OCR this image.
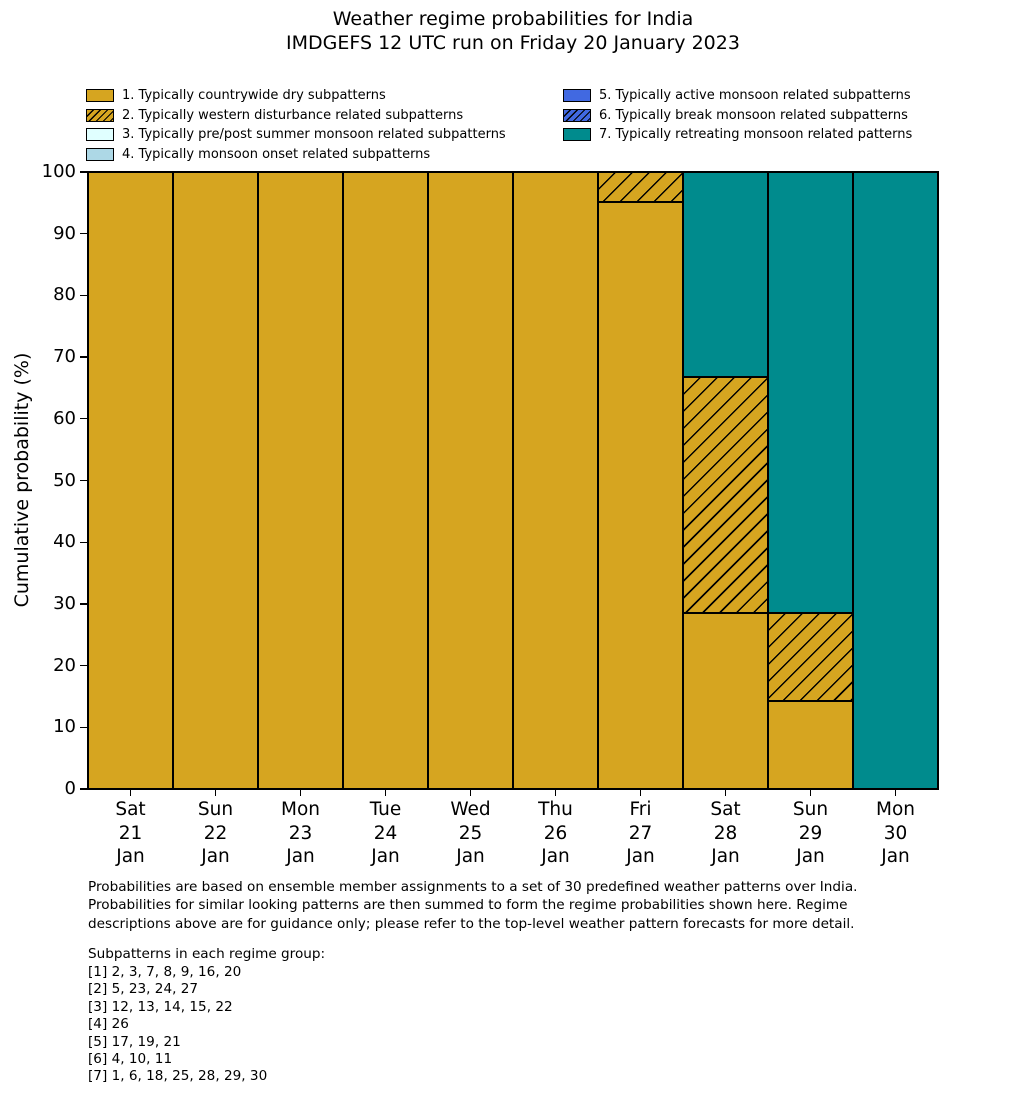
Weather regime probabilities for India
IMDGEFS 12 UTC run on Friday 20 January 2023
1. Typically countrywide dry subpatterns
2. Typically western disturbance related subpatterns
3. Typically pre/post summer monsoon related subpatterns
4. Typically monsoon onset related subpatterns
5. Typically active monsoon related subpatterns
6. Typically break monsoon related subpatterns
7. Typically retreating monsoon related patterns
0
10
20
30
40
50
60
70
80
90
100
Cumulative probability (%)
Sat
21
Jan
Sun
22
Jan
Mon
23
Jan
Tue
24
Jan
Wed
25
Jan
Thu
26
Jan
Fri
27
Jan
Sat
28
Jan
Sun
29
Jan
Mon
30
Jan
Probabilities are based on ensemble member assignments to a set of 30 predefined weather patterns over India.
Probabilities for similar looking patterns are then summed to form the regime probabilities shown here. Regime
descriptions above are for guidance only; please refer to the top-level weather pattern forecasts for more detail.
Subpatterns in each regime group:
[1] 2, 3, 7, 8, 9, 16, 20
[2] 5, 23, 24, 27
[3] 12, 13, 14, 15, 22
[4] 26
[5] 17, 19, 21
[6] 4, 10, 11
[7] 1, 6, 18, 25, 28, 29, 30
